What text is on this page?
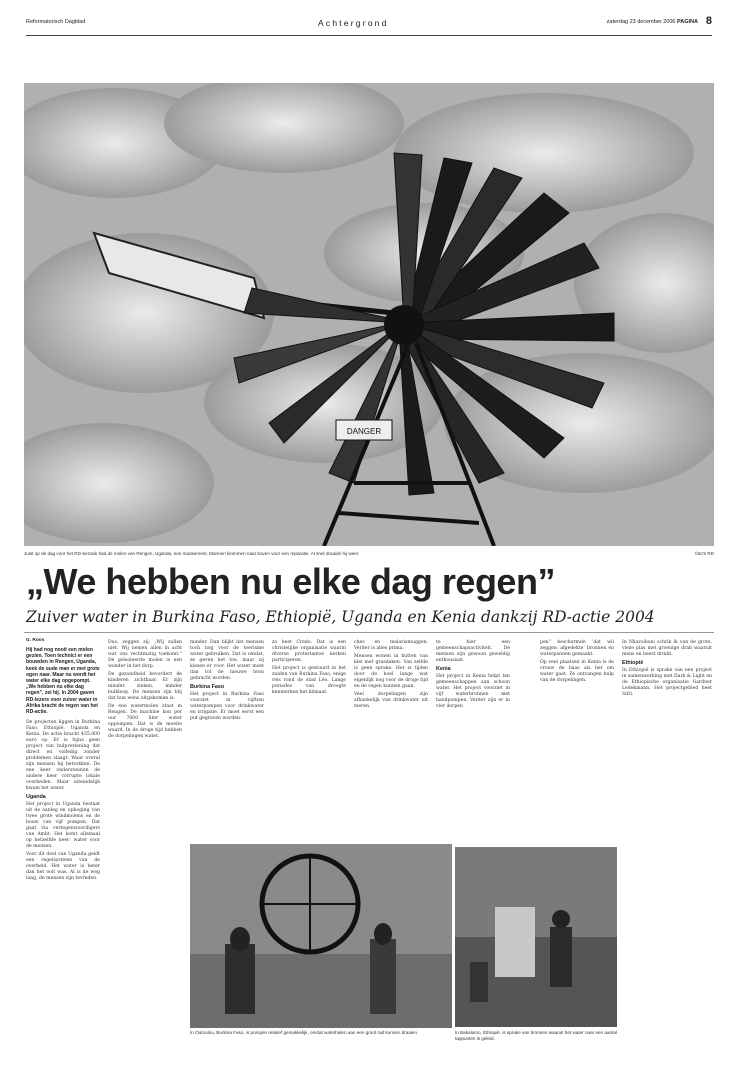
Reformatorisch Dagblad	Achtergrond	zaterdag 23 december 2006 PAGINA 8
DANGER
Juist op de dag voor het RD-bezoek had de molen van Rengen, Uganda, een mankement. Mannen klommen naar boven voor een reparatie. Al snel draaide hij weer.	foto's RD
„We hebben nu elke dag regen”
Zuiver water in Burkina Faso, Ethiopië, Uganda en Kenia dankzij RD-actie 2004
G. Roos
Hij had nog nooit een molen gezien. Toen technici er een bouwden in Rengen, Uganda, keek de oude man er met grote ogen naar. Maar nu wordt het water elke dag opgepompt. „We hebben nu elke dag regen”, zei hij. In 2004 gaven RD-lezers voor zuiver water in Afrika bracht de regen van het RD-actie.

De projecten liggen in Burkina Faso, Ethiopië, Uganda en Kenia. De actie bracht 435.000 euro op. Er is bijna geen project van hulpverlening dat direct en volledig zonder problemen slaagt. Waar overal zijn mensen bij betrokken. De ene keer ondersteunen de andere keer corrupte lokale overheden. Maar uiteindelijk kwam het water.

Uganda

Het project in Uganda bestaat uit de aanleg en ophoging van twee grote windmolens en de bouw van vijf pompen. Dat gaat via vertegenwoordigers van Ambt. Het komt allemaal op hetzelfde neer: water voor de mensen.

Voor dit doel van Uganda geldt een regelsysteem van de overheid. Het water is beter dan het ooit was. Al is de weg lang, de mensen zijn tevreden.

Dus, zeggen zij: „Wij zullen niet. Wij nemen allen in acht wat ons rechtmatig toekomt.” De geïsoleerde molen is een wonder in het dorp.

De gezondheid bevordert de kinderen zichtbaar. Er zijn minder zieken, minder buikloop. De mensen zijn blij dat hun wens uitgekomen is.

De ene watermolen staat in Rengen. De machine kon per uur 7000 liter water oppompen. Dat is de moeite waard. In de droge tijd hebben de dorpelingen water.

minder. Dan blijkt dat mensen toch nog voor de toerisme water gebruiken. Dat is omdat, ze geven het toe, maar zij kiezen er voor. Het water moet dan tot de nieuwe bron gebracht worden.

Burkina Faso

Het project in Burkina Faso voorziet in vijftien waterpompen voor drinkwater en irrigatie. Er moet eerst een put gegraven worden.

zo heet Credo. Dat is een christelijke organisatie waarin diverse protestantse kerken participeren.

Het project is gestuurd in het zuiden van Burkina Faso, enige reis rond de stad Léo. Lange periodes van droogte kenmerken het klimaat.

ches en malariamuggen. Verder is alles prima.

Mensen wonen in hutten van klei met grasdaken. Van zelfde is geen sprake. Het is tijden door de boel lange wat eigenlijk nog voor de droge tijd en de regen kunnen gaan.

Veel dorpelingen zijn afhankelijk van drinkwater uit meren.

te hier een gemeenschapsactiviteit. De mensen zijn gewoon geweldig enthousiast.

Kenia

Het project in Kenia helpt ten gemeenschappen aan schoon water. Het project voorziet in vijf waterbronnen met handpompen. Verder zijn er in vier dorpen

pen” beschermde ‘dat wil zeggen: afgedekte’ bronnen en waterpannen gemaakt.

Op veel plaatsen in Kenia is de vrouw de baas als het om water gaat. Ze ontvangen hulp van de dorpelingen.

In Nkaroiboni schrik ik van de grote, vieze plas met groenige drab waaruit mens en beest drinkt.

Ethiopië

In Ethiopië is sprake van een project in samenwerking met Dark & Light en de Ethiopische organisatie Gardner Ledekmann. Het projectgebied heet Sifri.

In Outoulou, Burkina Faso, is pompen relatief gemakkelijk, omdat waterhalen aan een groot rad kunnen draaien.	In Bakalumo, Ethiopië, is sprake van bronnen waaruit het water naar een aantal tappunten is geleid.
